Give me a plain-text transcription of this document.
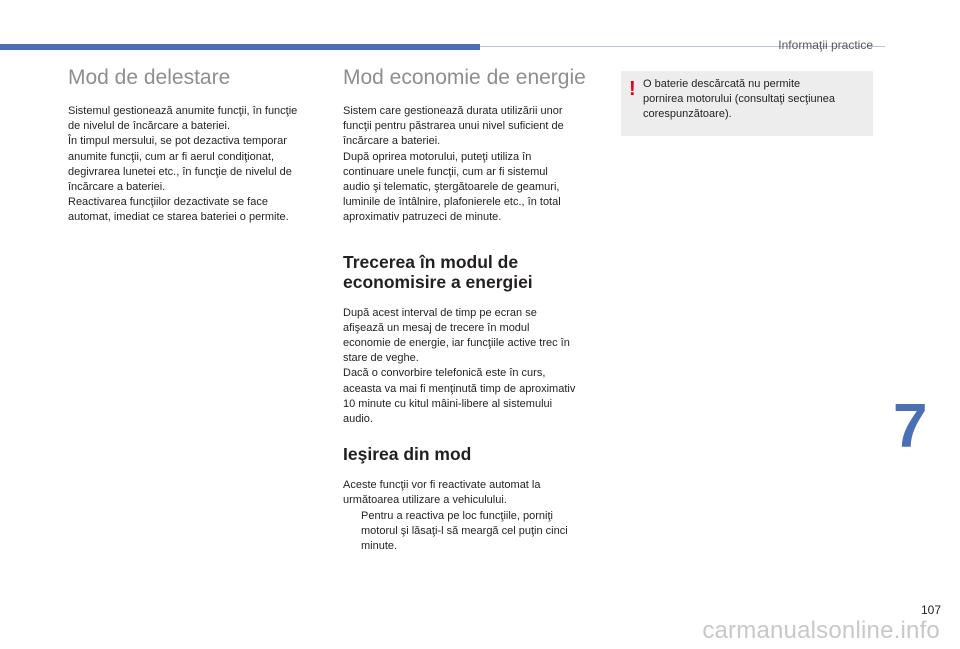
Informaţii practice
Mod de delestare

Sistemul gestionează anumite funcţii, în funcţie
de nivelul de încărcare a bateriei.
În timpul mersului, se pot dezactiva temporar
anumite funcţii, cum ar fi aerul condiţionat,
degivrarea lunetei etc., în funcţie de nivelul de
încărcare a bateriei.
Reactivarea funcţiilor dezactivate se face
automat, imediat ce starea bateriei o permite.

Mod economie de energie

Sistem care gestionează durata utilizării unor
funcţii pentru păstrarea unui nivel suficient de
încărcare a bateriei.
După oprirea motorului, puteţi utiliza în
continuare unele funcţii, cum ar fi sistemul
audio şi telematic, ştergătoarele de geamuri,
luminile de întâlnire, plafonierele etc., în total
aproximativ patruzeci de minute.

Trecerea în modul de
economisire a energiei

După acest interval de timp pe ecran se
afişează un mesaj de trecere în modul
economie de energie, iar funcţiile active trec în
stare de veghe.
Dacă o convorbire telefonică este în curs,
aceasta va mai fi menţinută timp de aproximativ
10 minute cu kitul mâini-libere al sistemului
audio.

Ieşirea din mod

Aceste funcţii vor fi reactivate automat la
următoarea utilizare a vehiculului.

Pentru a reactiva pe loc funcţiile, porniţi
motorul şi lăsaţi-l să meargă cel puţin cinci
minute.

! O baterie descărcată nu permite
pornirea motorului (consultaţi secţiunea
corespunzătoare).

7
107
carmanualsonline.info
